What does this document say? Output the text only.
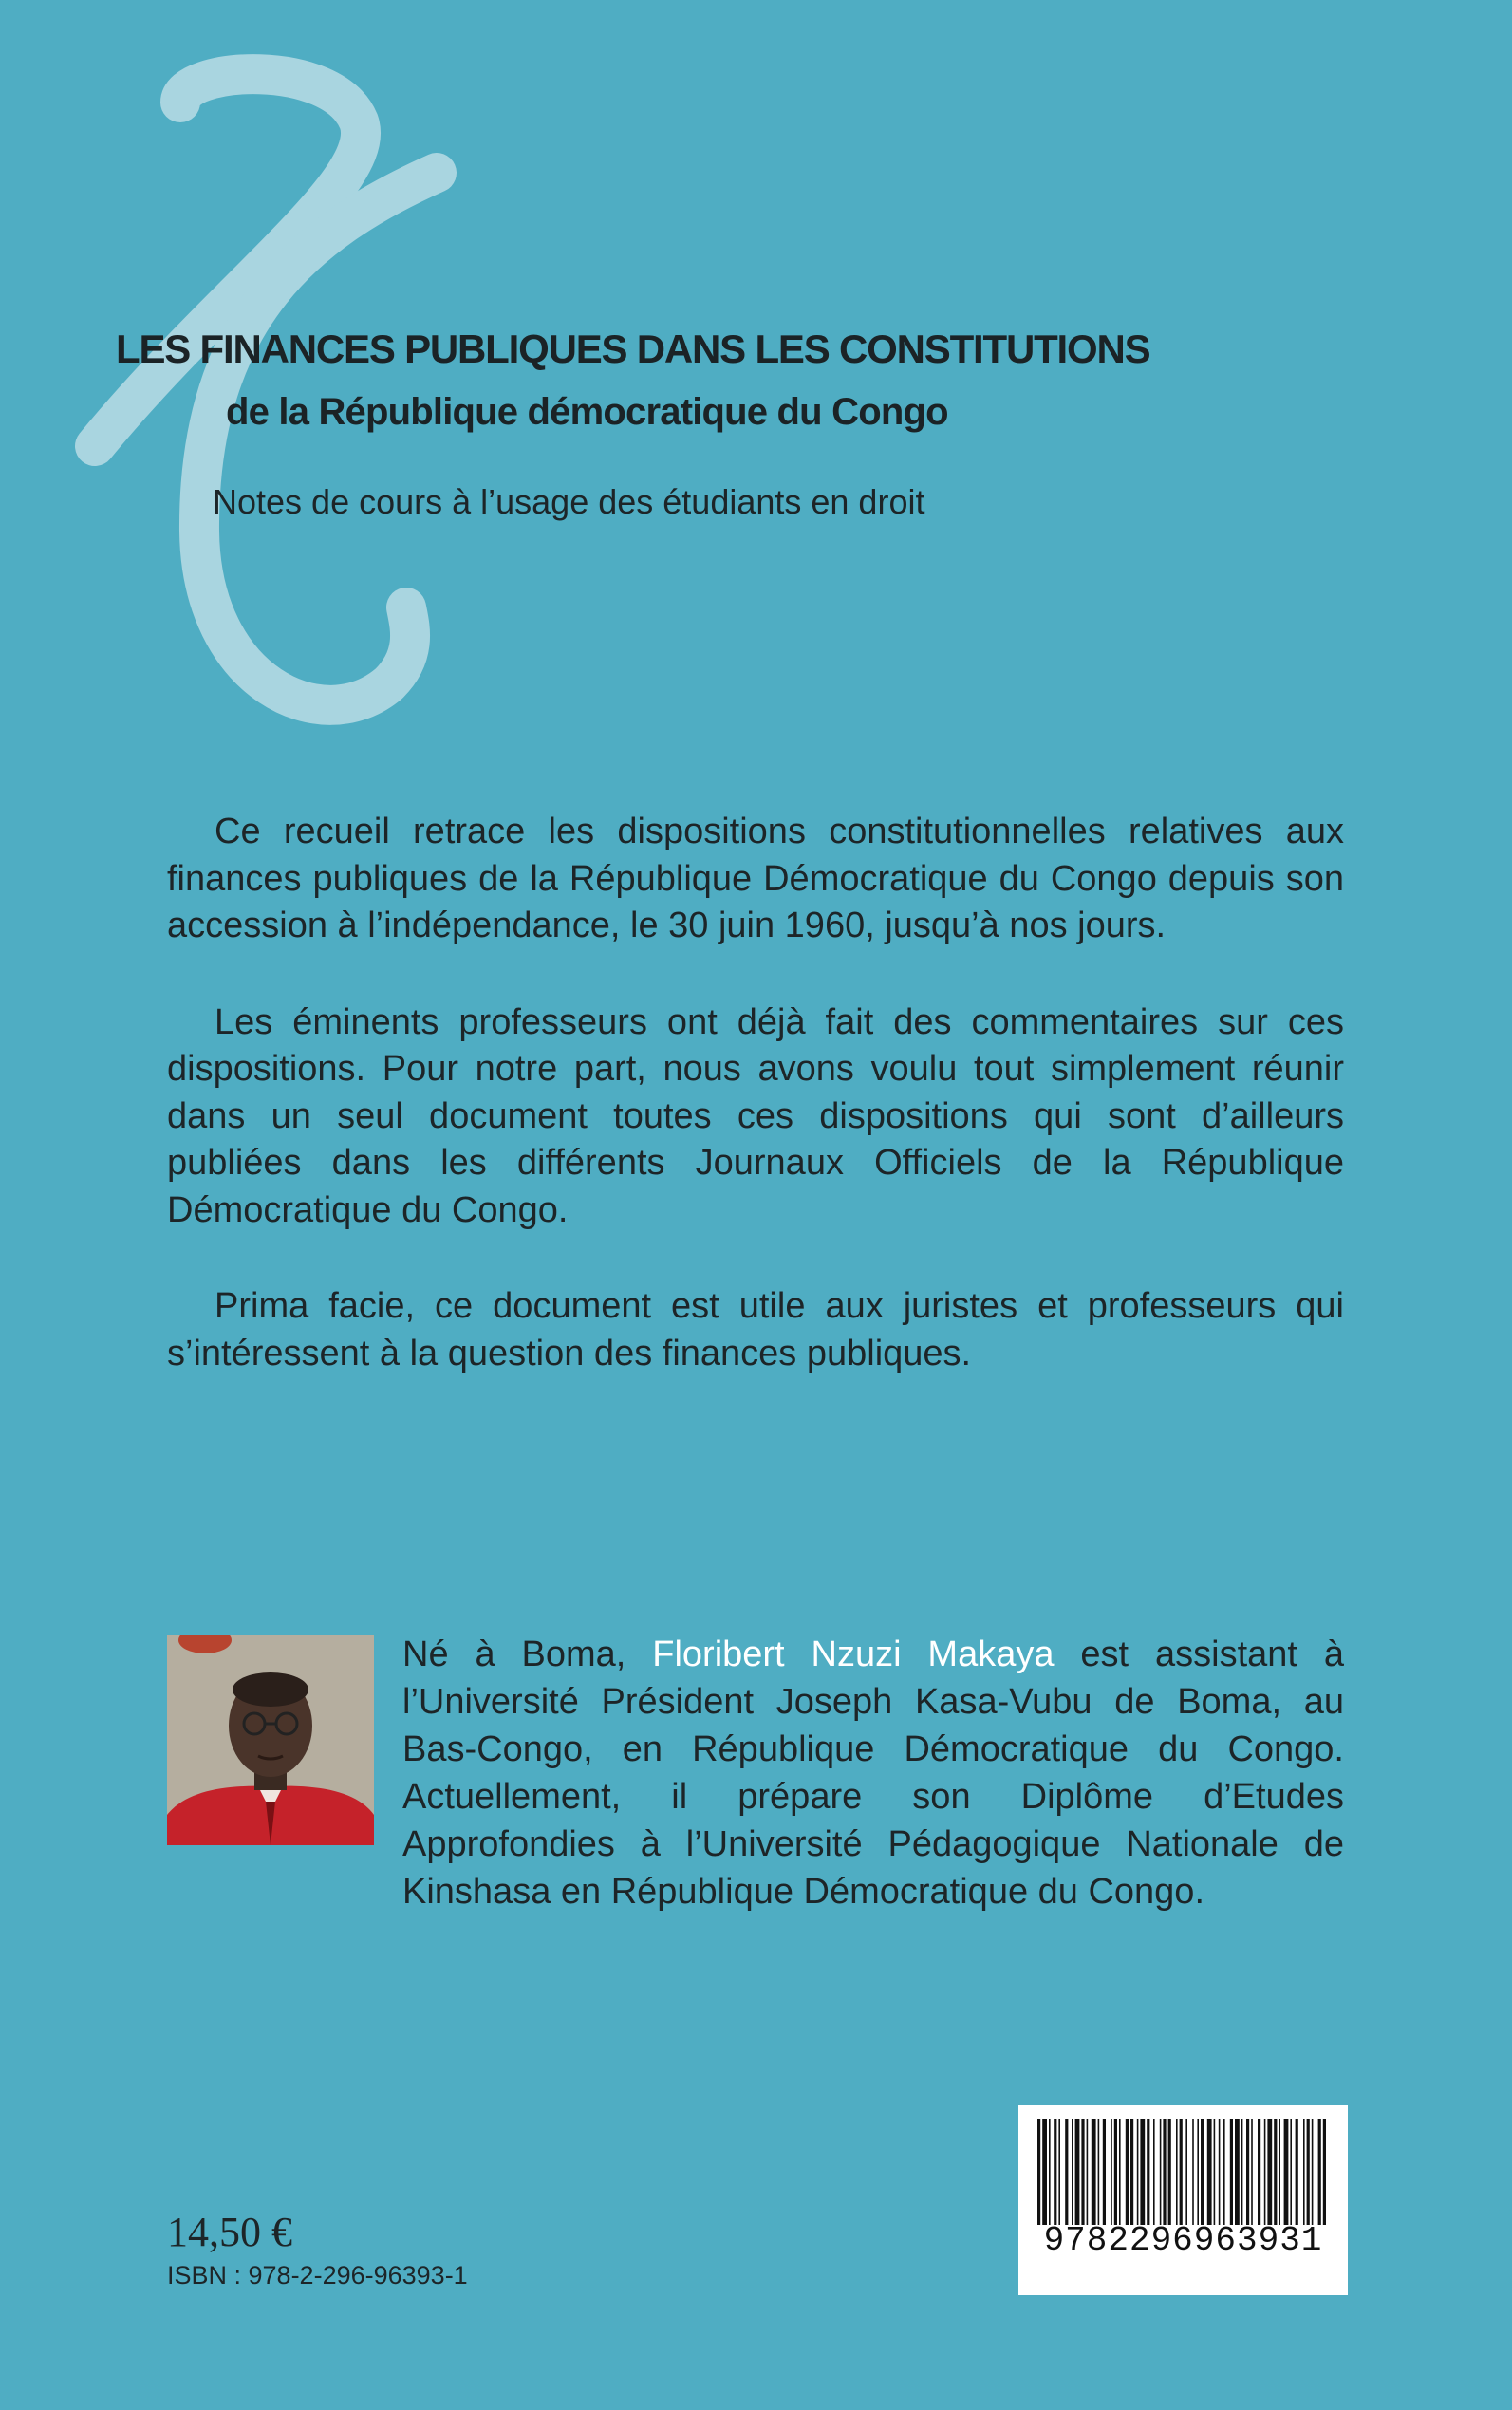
LES FINANCES PUBLIQUES DANS LES CONSTITUTIONS
de la République démocratique du Congo

Notes de cours à l’usage des étudiants en droit

Ce recueil retrace les dispositions constitutionnelles relatives aux finances publiques de la République Démocratique du Congo depuis son accession à l’indépendance, le 30 juin 1960, jusqu’à nos jours.

Les éminents professeurs ont déjà fait des commentaires sur ces dispositions. Pour notre part, nous avons voulu tout simplement réunir dans un seul document toutes ces dispositions qui sont d’ailleurs publiées dans les différents Journaux Officiels de la République Démocratique du Congo.

Prima facie, ce document est utile aux juristes et professeurs qui s’intéressent à la question des finances publiques.

Né à Boma, Floribert Nzuzi Makaya est assistant à l’Université Président Joseph Kasa-Vubu de Boma, au Bas-Congo, en République Démocratique du Congo. Actuellement, il prépare son Diplôme d’Etudes Approfondies à l’Université Pédagogique Nationale de Kinshasa en République Démocratique du Congo.

14,50 €

ISBN : 978-2-296-96393-1

9782296963931
